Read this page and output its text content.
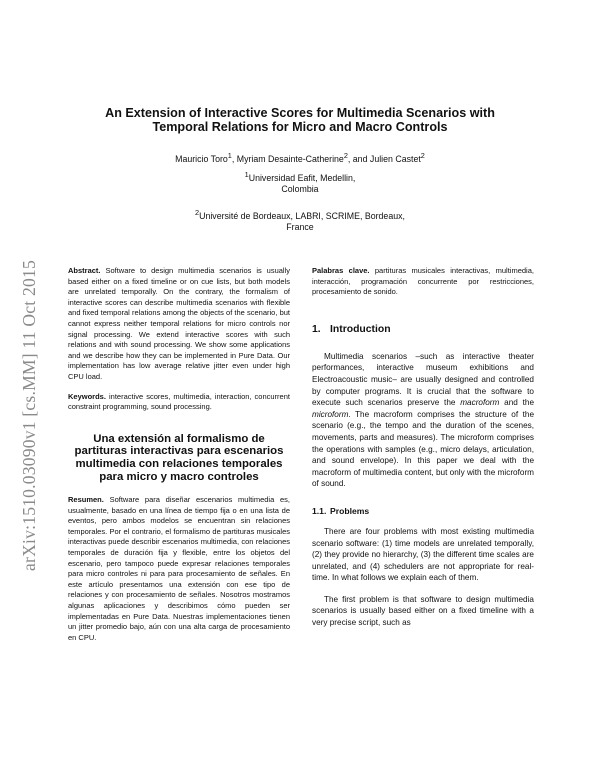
arXiv:1510.03090v1 [cs.MM] 11 Oct 2015
An Extension of Interactive Scores for Multimedia Scenarios with
Temporal Relations for Micro and Macro Controls
Mauricio Toro$^1$, Myriam Desainte-Catherine$^2$, and Julien Castet$^2$
$^1$Universidad Eafit, Medellin,
Colombia
$^2$Université de Bordeaux, LABRI, SCRIME, Bordeaux,
France

Abstract. Software to design multimedia scenarios is usually based either on a fixed timeline or on cue lists, but both models are unrelated temporally. On the contrary, the formalism of interactive scores can describe multimedia scenarios with flexible and fixed temporal relations among the objects of the scenario, but cannot express neither temporal relations for micro controls nor signal processing. We extend interactive scores with such relations and with sound processing. We show some applications and we describe how they can be implemented in Pure Data. Our implementation has low average relative jitter even under high CPU load.

Keywords. interactive scores, multimedia, interaction, concurrent constraint programming, sound processing.

Una extensión al formalismo de
partituras interactivas para escenarios
multimedia con relaciones temporales
para micro y macro controles

Resumen. Software para diseñar escenarios multimedia es, usualmente, basado en una línea de tiempo fija o en una lista de eventos, pero ambos modelos se encuentran sin relaciones temporales. Por el contrario, el formalismo de partituras musicales interactivas puede describir escenarios multimedia, con relaciones temporales de duración fija y flexible, entre los objetos del escenario, pero tampoco puede expresar relaciones temporales para micro controles ni para para procesamiento de señales. En este artículo presentamos una extensión con ese tipo de relaciones y con procesamiento de señales. Nosotros mostramos algunas aplicaciones y describimos cómo pueden ser implementadas en Pure Data. Nuestras implementaciones tienen un jitter promedio bajo, aún con una alta carga de procesamiento en CPU.

Palabras clave. partituras musicales interactivas, multimedia, interacción, programación concurrente por restricciones, procesamiento de sonido.

1. Introduction

Multimedia scenarios –such as interactive theater performances, interactive museum exhibitions and Electroacoustic music– are usually designed and controlled by computer programs. It is crucial that the software to execute such scenarios preserve the macroform and the microform. The macroform comprises the structure of the scenario (e.g., the tempo and the duration of the scenes, movements, parts and measures). The microform comprises the operations with samples (e.g., micro delays, articulation, and sound envelope). In this paper we deal with the macroform of multimedia content, but only with the microform of sound.

1.1. Problems

There are four problems with most existing multimedia scenario software: (1) time models are unrelated temporally, (2) they provide no hierarchy, (3) the different time scales are unrelated, and (4) schedulers are not appropriate for real-time. In what follows we explain each of them.

The first problem is that software to design multimedia scenarios is usually based either on a fixed timeline with a very precise script, such as
